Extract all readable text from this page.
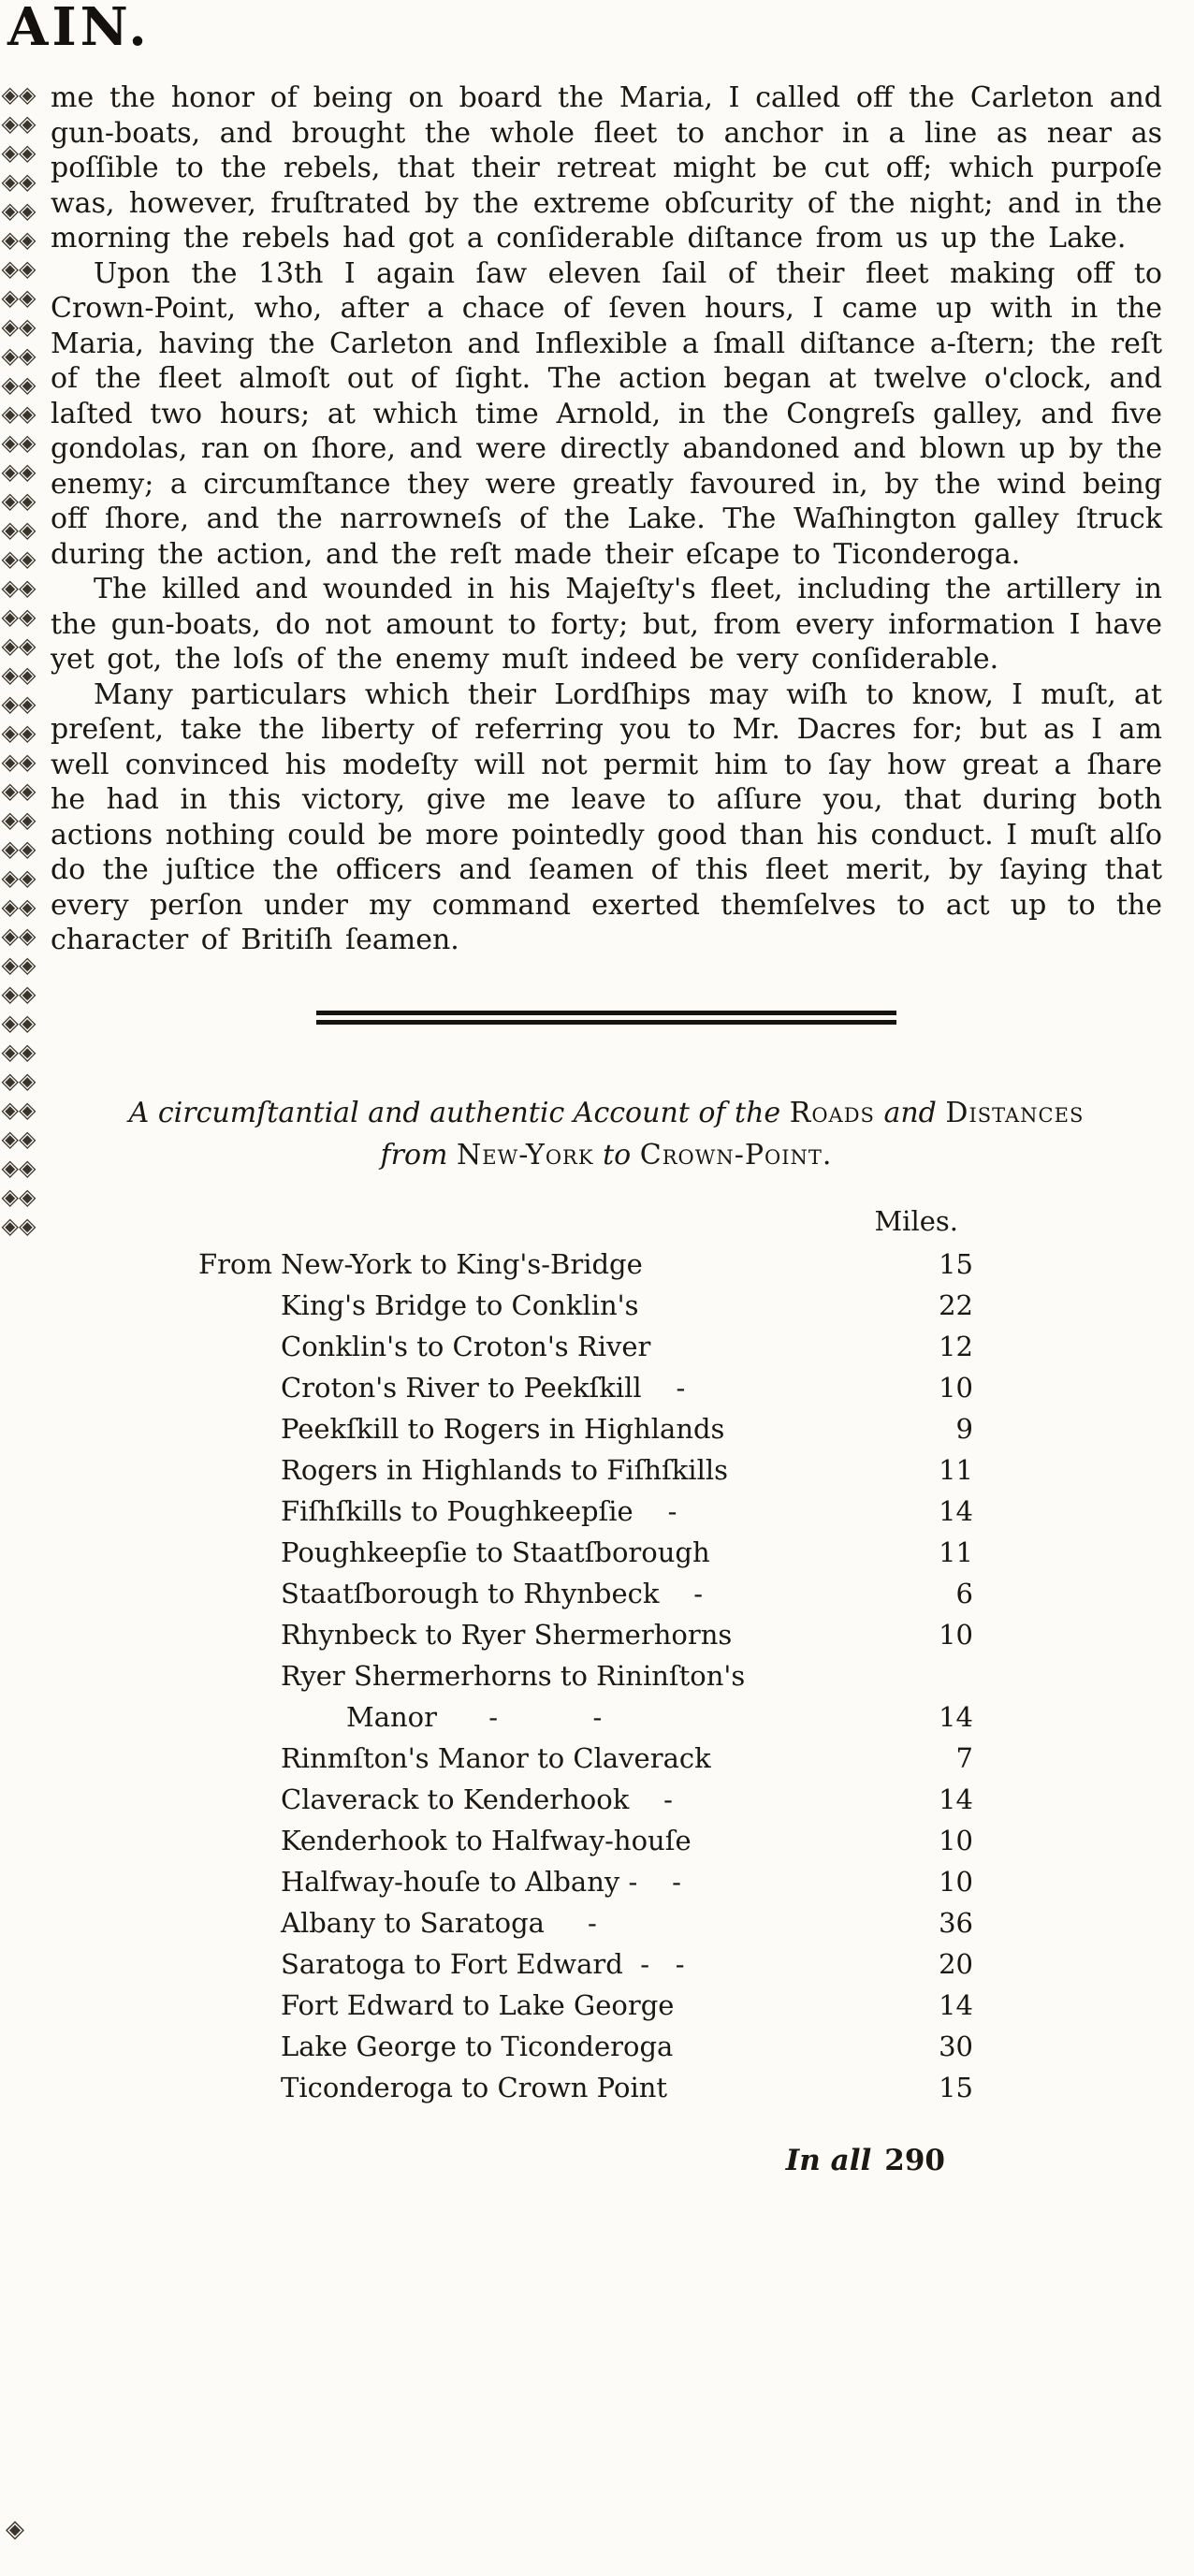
AIN.
◈◈◈◈◈◈◈◈◈◈◈◈◈◈◈◈◈◈◈◈◈◈◈◈◈◈◈◈◈◈◈◈◈◈◈◈◈◈◈◈◈◈◈◈◈◈◈◈◈◈◈◈◈◈◈◈◈◈◈◈◈◈◈◈◈◈◈◈◈◈◈◈◈◈◈◈◈◈◈◈
◈

me the honor of being on board the Maria, I called off the Carleton and gun-boats, and brought the whole fleet to anchor in a line as near as poſſible to the rebels, that their retreat might be cut off; which purpoſe was, however, fruſtrated by the extreme obſcurity of the night; and in the morning the rebels had got a conſiderable diſtance from us up the Lake.

Upon the 13th I again ſaw eleven ſail of their fleet making off to Crown-Point, who, after a chace of ſeven hours, I came up with in the Maria, having the Carleton and Inflexible a ſmall diſtance a-ſtern; the reſt of the fleet almoſt out of ſight. The action began at twelve o'clock, and laſted two hours; at which time Arnold, in the Congreſs galley, and five gondolas, ran on ſhore, and were directly abandoned and blown up by the enemy; a circumſtance they were greatly favoured in, by the wind being off ſhore, and the narrowneſs of the Lake. The Waſhington galley ſtruck during the action, and the reſt made their eſcape to Ticonderoga.

The killed and wounded in his Majeſty's fleet, including the artillery in the gun-boats, do not amount to forty; but, from every information I have yet got, the loſs of the enemy muſt indeed be very conſiderable.

Many particulars which their Lordſhips may wiſh to know, I muſt, at preſent, take the liberty of referring you to Mr. Dacres for; but as I am well convinced his modeſty will not permit him to ſay how great a ſhare he had in this victory, give me leave to aſſure you, that during both actions nothing could be more pointedly good than his conduct. I muſt alſo do the juſtice the officers and ſeamen of this fleet merit, by ſaying that every perſon under my command exerted themſelves to act up to the character of Britiſh ſeamen.

A circumſtantial and authentic Account of the Roads and Distances
from New-York to Crown-Point.
Miles.
From New-York to King's-Bridge	15
King's Bridge to Conklin's	22
Conklin's to Croton's River	12
Croton's River to Peekſkill    -	10
Peekſkill to Rogers in Highlands	9
Rogers in Highlands to Fiſhſkills	11
Fiſhſkills to Poughkeepſie    -	14
Poughkeepſie to Staatſborough	11
Staatſborough to Rhynbeck    -	6
Rhynbeck to Ryer Shermerhorns	10
Ryer Shermerhorns to Rininſton's
Manor      -           -	14
Rinmſton's Manor to Claverack	7
Claverack to Kenderhook    -	14
Kenderhook to Halfway-houſe	10
Halfway-houſe to Albany -    -	10
Albany to Saratoga     -	36
Saratoga to Fort Edward  -   -	20
Fort Edward to Lake George	14
Lake George to Ticonderoga	30
Ticonderoga to Crown Point	15
In all 290
